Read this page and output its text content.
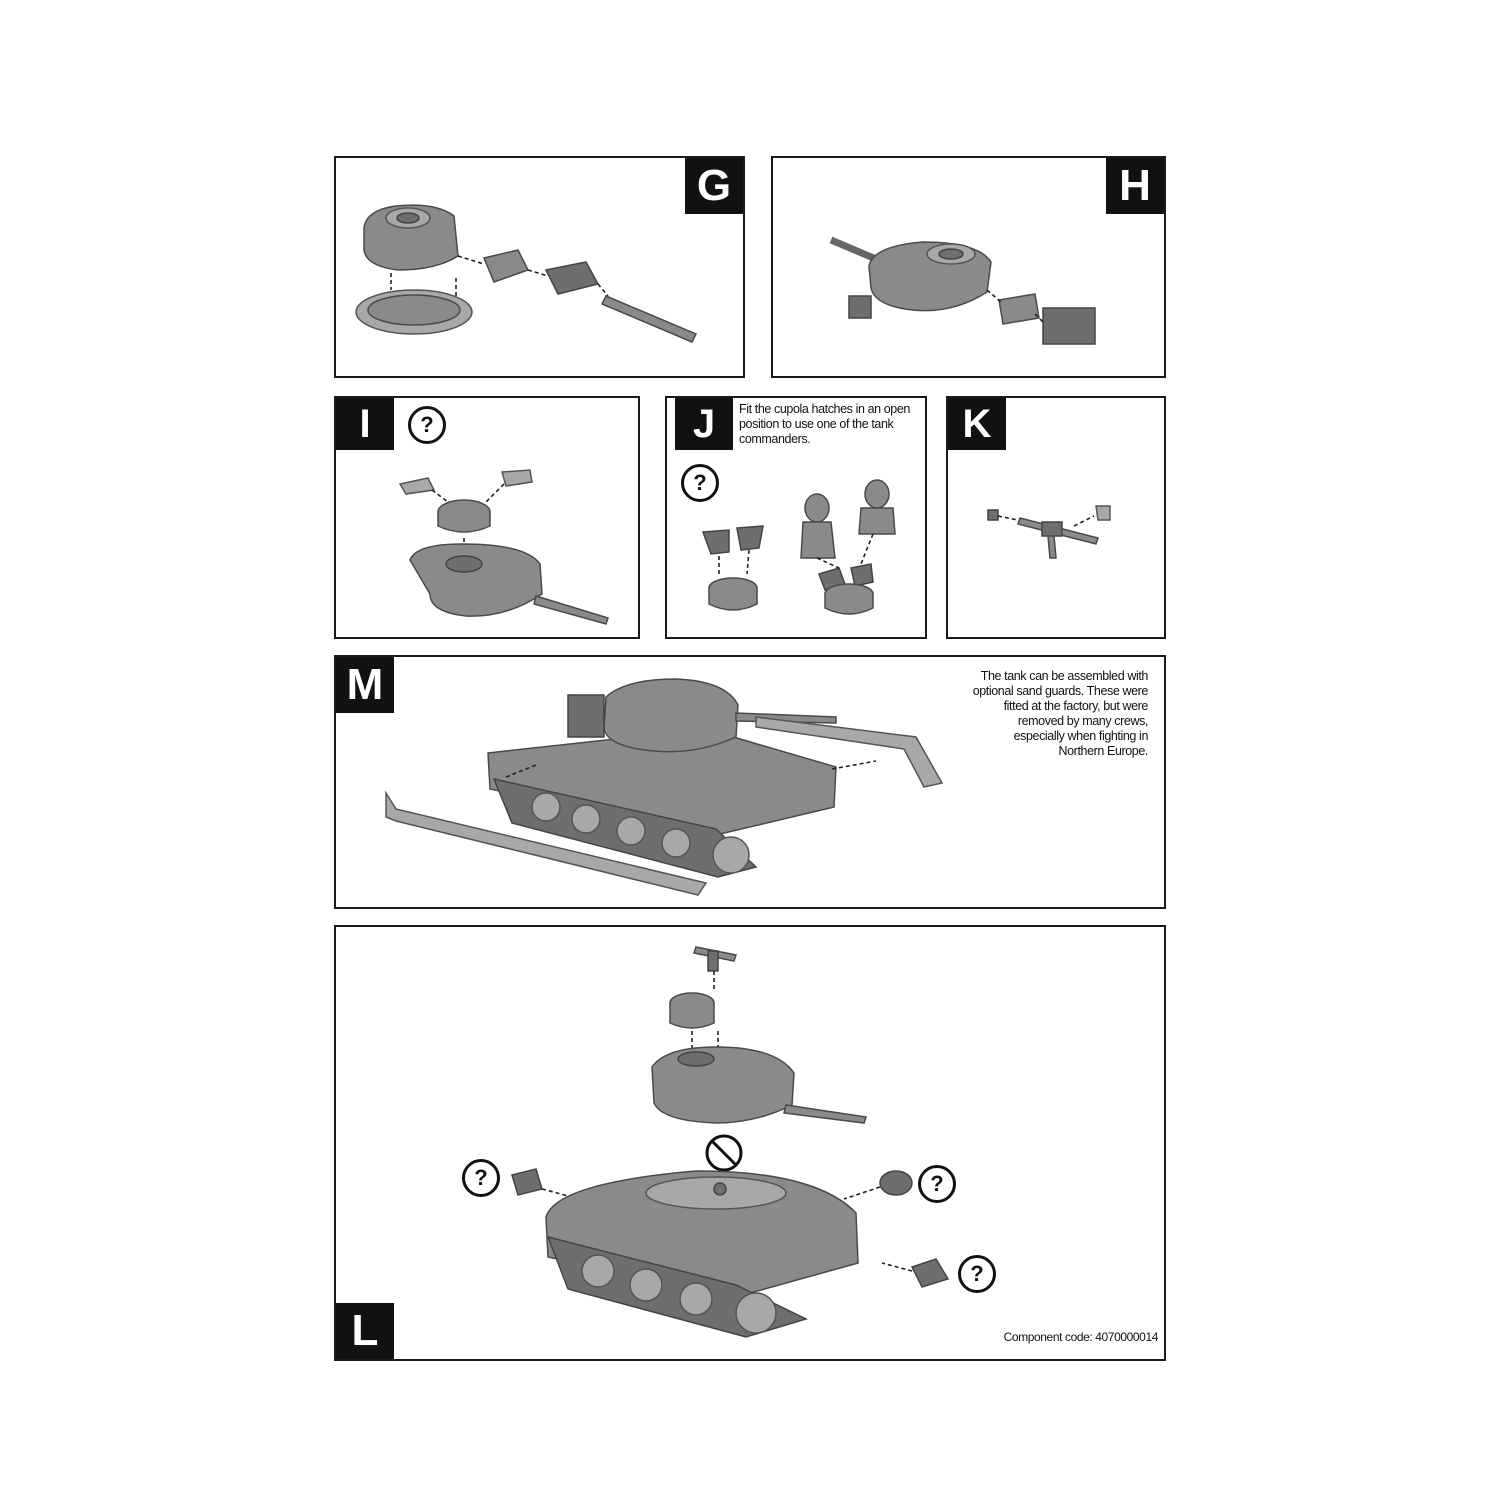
G	H
I	?	J	Fit the cupola hatches in an open position to use one of the tank commanders.
?
K
M	The tank can be assembled with optional sand guards. These were fitted at the factory, but were removed by many crews, especially when fighting in Northern Europe.
L
?	?
?
Component code: 4070000014
